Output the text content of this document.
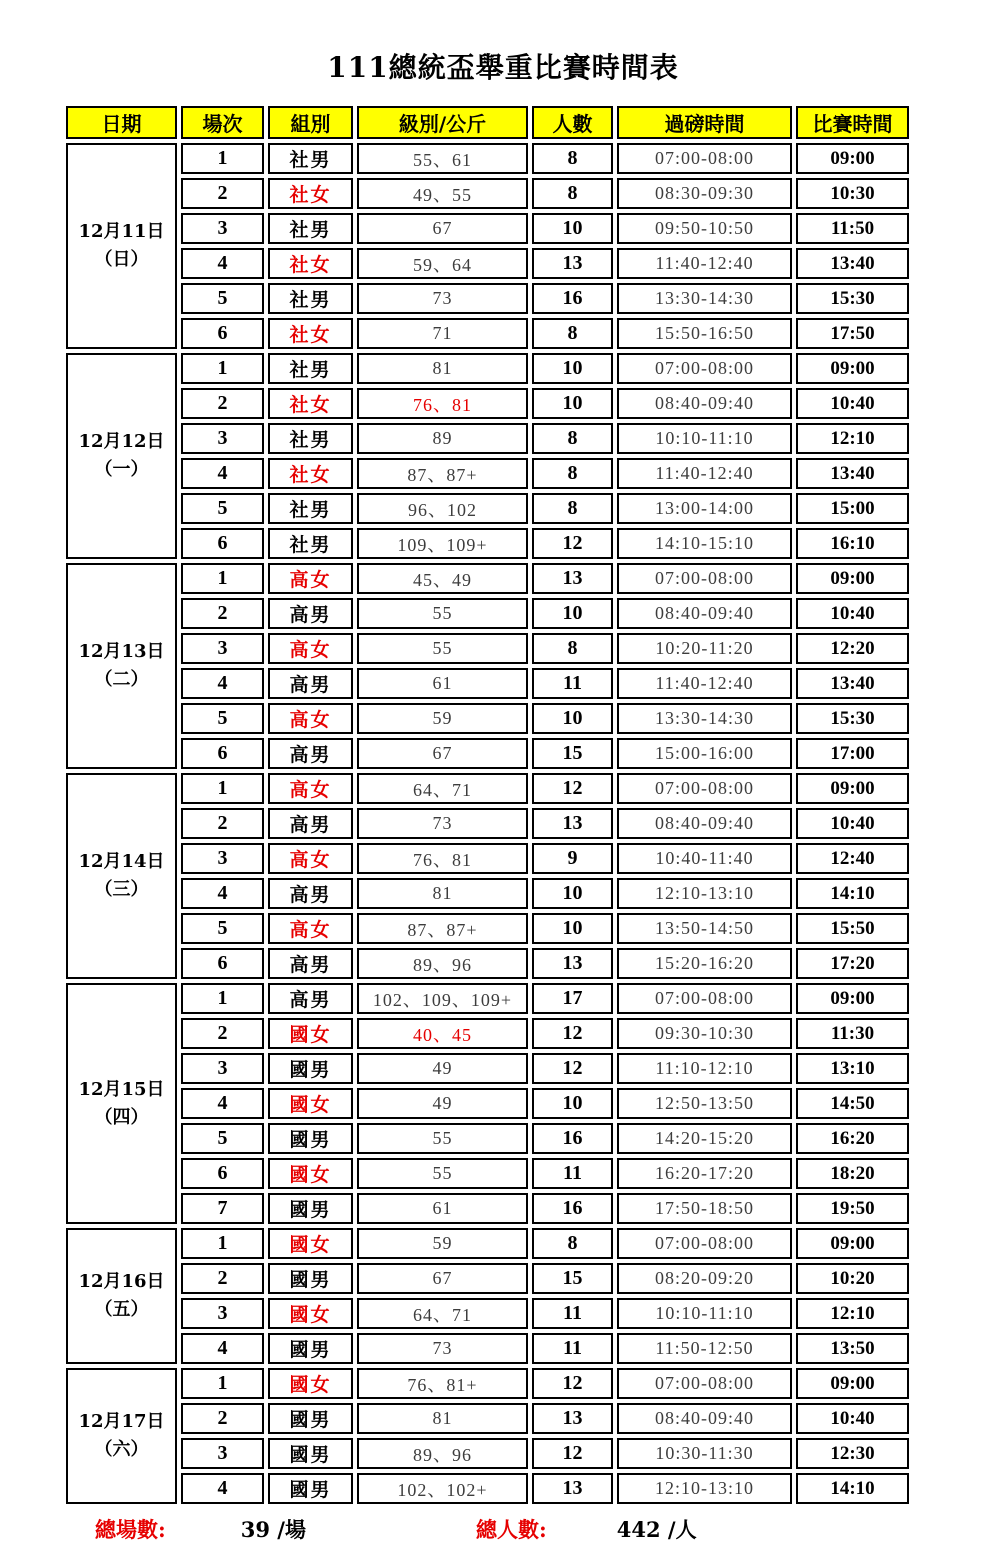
111總統盃舉重比賽時間表
日期	場次	組別	級別/公斤	人數	過磅時間	比賽時間

12月11日
（日）	1	社男	55、61	8	07:00-08:00	09:00
	2	社女	49、55	8	08:30-09:30	10:30
	3	社男	67	10	09:50-10:50	11:50
	4	社女	59、64	13	11:40-12:40	13:40
	5	社男	73	16	13:30-14:30	15:30
	6	社女	71	8	15:50-16:50	17:50

12月12日
（一）	1	社男	81	10	07:00-08:00	09:00
	2	社女	76、81	10	08:40-09:40	10:40
	3	社男	89	8	10:10-11:10	12:10
	4	社女	87、87+	8	11:40-12:40	13:40
	5	社男	96、102	8	13:00-14:00	15:00
	6	社男	109、109+	12	14:10-15:10	16:10

12月13日
（二）	1	高女	45、49	13	07:00-08:00	09:00
	2	高男	55	10	08:40-09:40	10:40
	3	高女	55	8	10:20-11:20	12:20
	4	高男	61	11	11:40-12:40	13:40
	5	高女	59	10	13:30-14:30	15:30
	6	高男	67	15	15:00-16:00	17:00

12月14日
（三）	1	高女	64、71	12	07:00-08:00	09:00
	2	高男	73	13	08:40-09:40	10:40
	3	高女	76、81	9	10:40-11:40	12:40
	4	高男	81	10	12:10-13:10	14:10
	5	高女	87、87+	10	13:50-14:50	15:50
	6	高男	89、96	13	15:20-16:20	17:20

12月15日
（四）	1	高男	102、109、109+	17	07:00-08:00	09:00
	2	國女	40、45	12	09:30-10:30	11:30
	3	國男	49	12	11:10-12:10	13:10
	4	國女	49	10	12:50-13:50	14:50
	5	國男	55	16	14:20-15:20	16:20
	6	國女	55	11	16:20-17:20	18:20
	7	國男	61	16	17:50-18:50	19:50

12月16日
（五）	1	國女	59	8	07:00-08:00	09:00
	2	國男	67	15	08:20-09:20	10:20
	3	國女	64、71	11	10:10-11:10	12:10
	4	國男	73	11	11:50-12:50	13:50

12月17日
（六）	1	國女	76、81+	12	07:00-08:00	09:00
	2	國男	81	13	08:40-09:40	10:40
	3	國男	89、96	12	10:30-11:30	12:30
	4	國男	102、102+	13	12:10-13:10	14:10
總場數:	39 /場	總人數:	442 /人
